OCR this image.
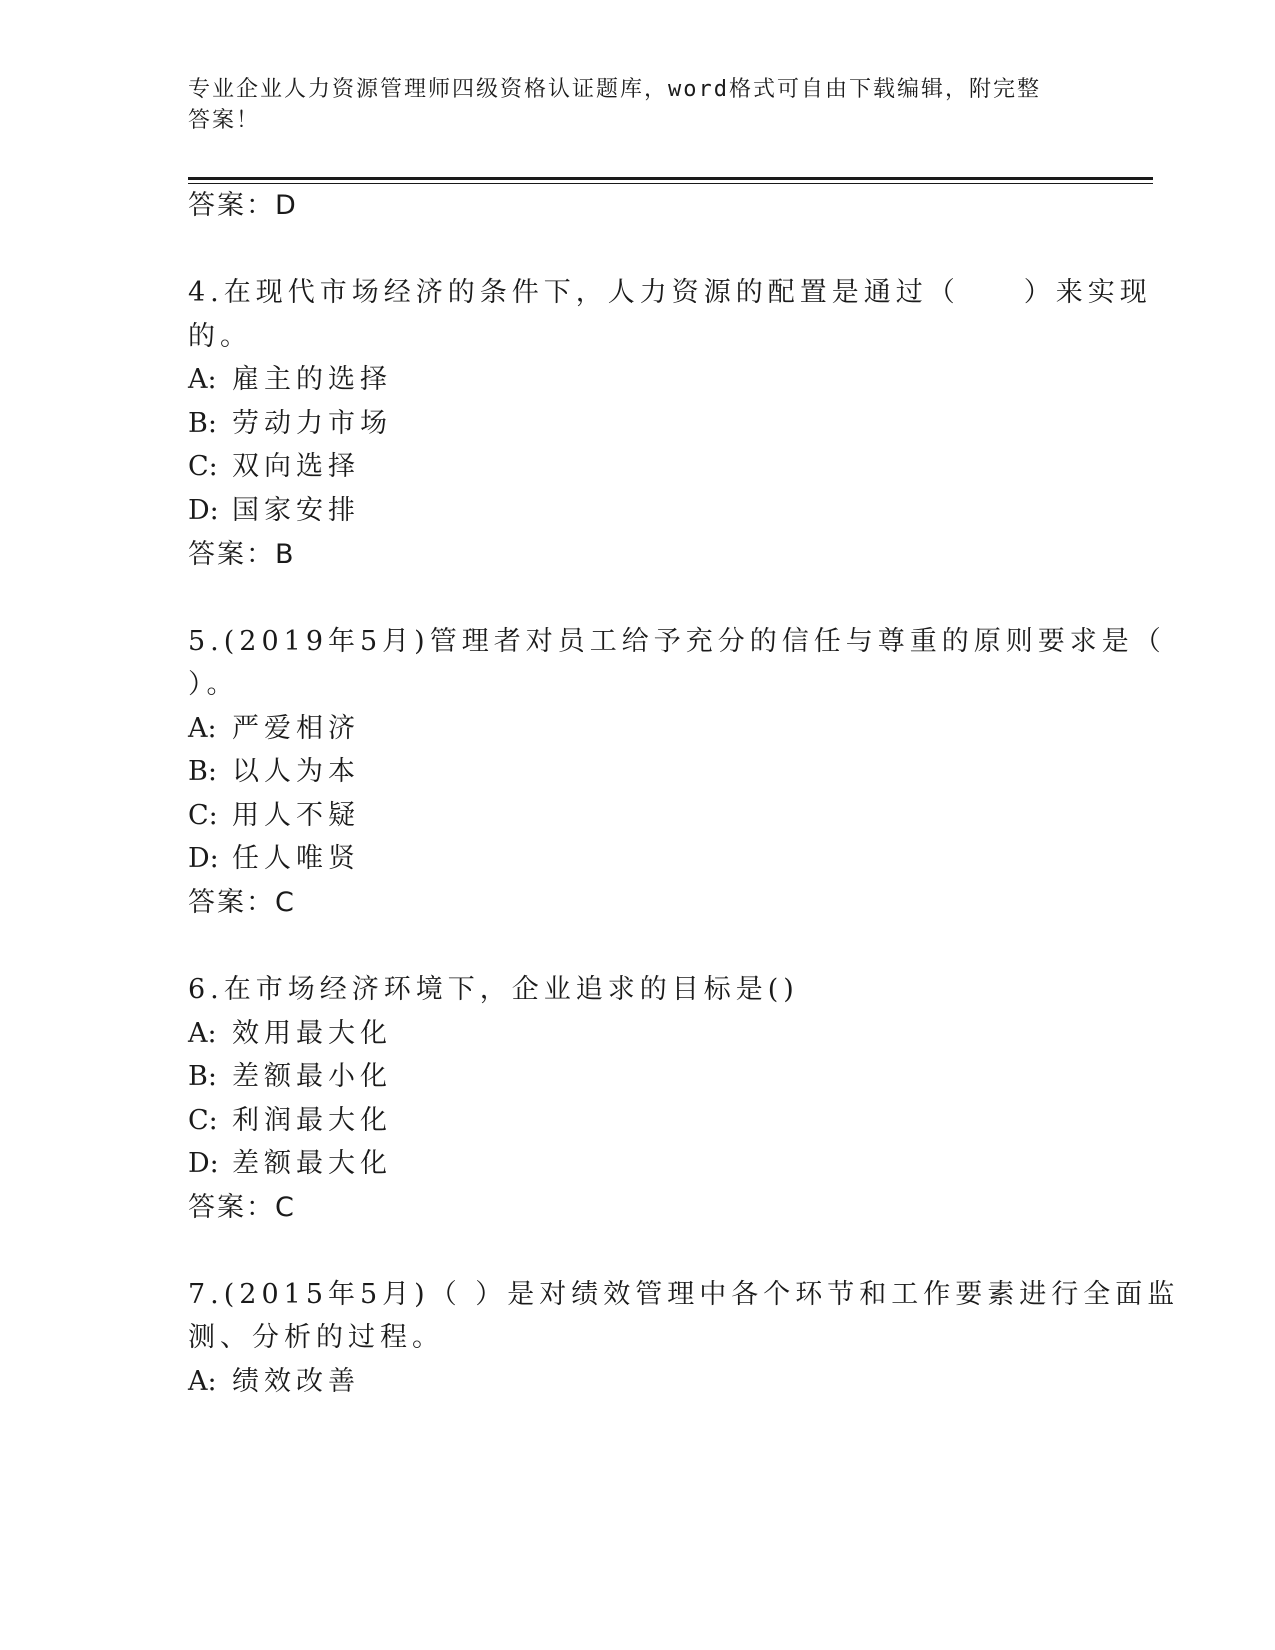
专业企业人力资源管理师四级资格认证题库，word格式可自由下载编辑，附完整
答案！
答案：D
4.在现代市场经济的条件下，人力资源的配置是通过（　　）来实现
的。
A: 雇主的选择
B: 劳动力市场
C: 双向选择
D: 国家安排
答案：B
5.(2019年5月)管理者对员工给予充分的信任与尊重的原则要求是（
）。
A: 严爱相济
B: 以人为本
C: 用人不疑
D: 任人唯贤
答案：C
6.在市场经济环境下，企业追求的目标是()
A: 效用最大化
B: 差额最小化
C: 利润最大化
D: 差额最大化
答案：C
7.(2015年5月)（ ）是对绩效管理中各个环节和工作要素进行全面监
测、分析的过程。
A: 绩效改善
